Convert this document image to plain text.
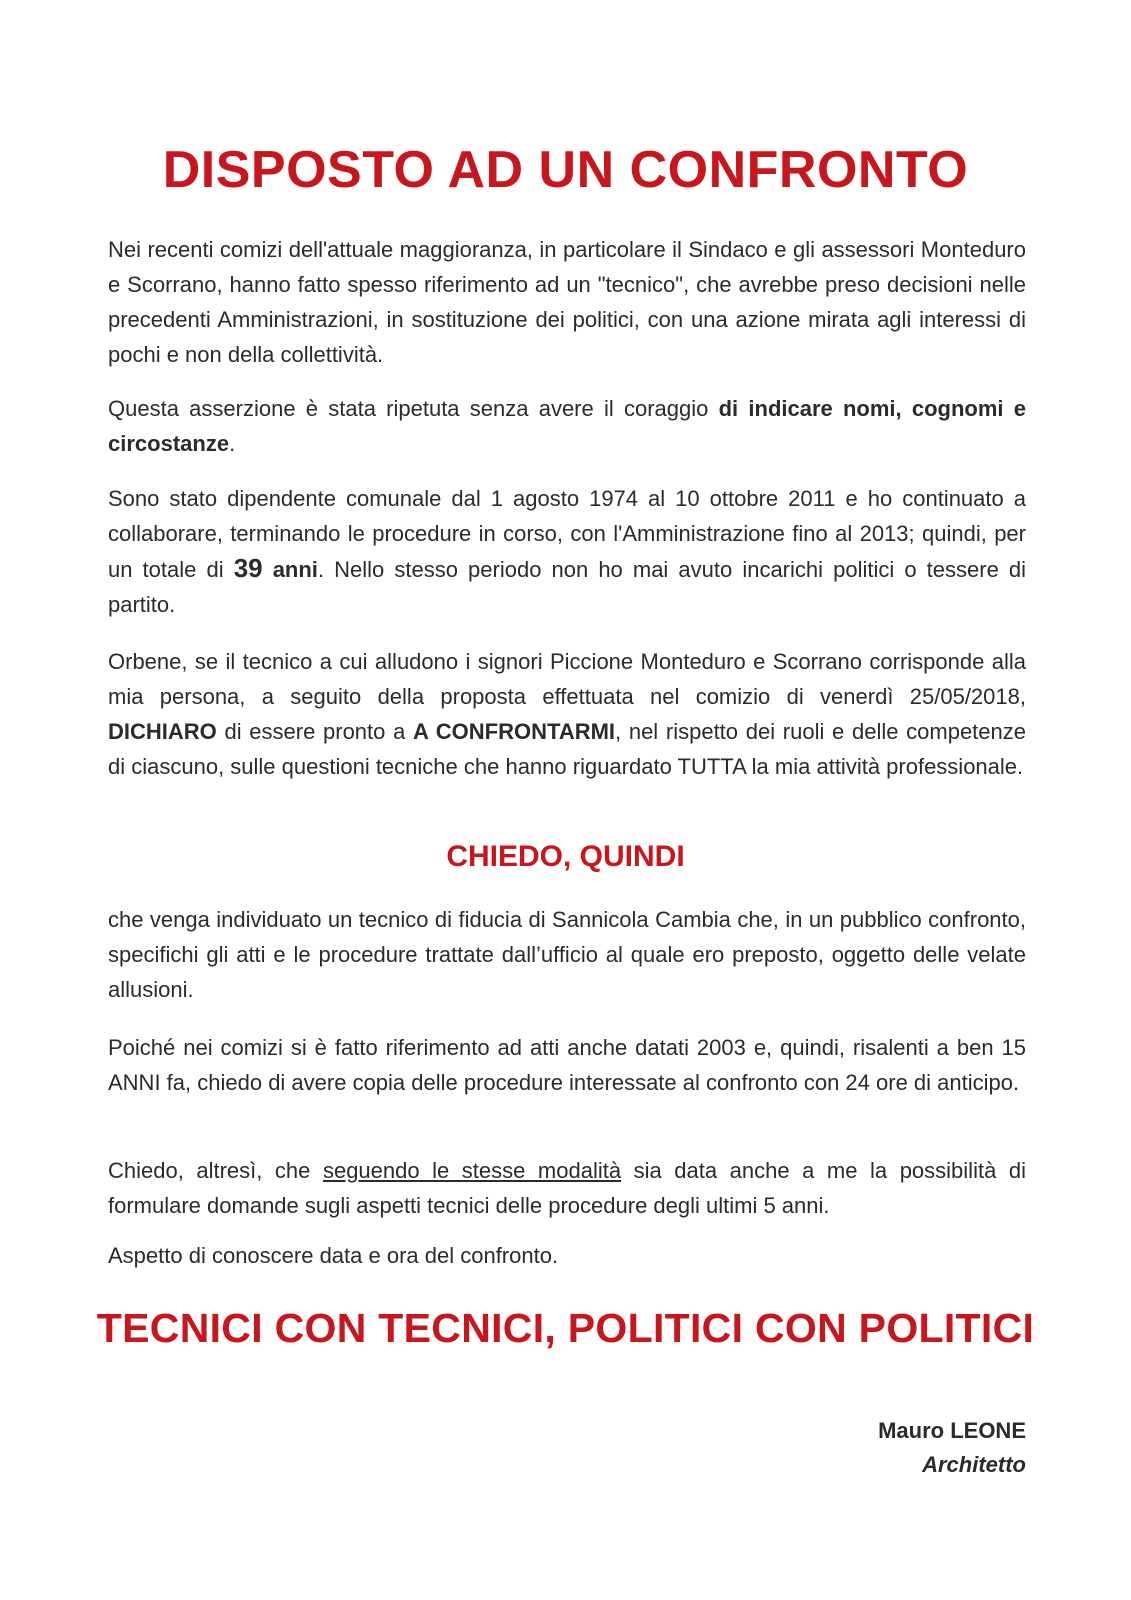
DISPOSTO AD UN CONFRONTO

Nei recenti comizi dell'attuale maggioranza, in particolare il Sindaco e gli assessori Monteduro e Scorrano, hanno fatto spesso riferimento ad un "tecnico", che avrebbe preso decisioni nelle precedenti Amministrazioni, in sostituzione dei politici, con una azione mirata agli interessi di pochi e non della collettività.

Questa asserzione è stata ripetuta senza avere il coraggio di indicare nomi, cognomi e circostanze.

Sono stato dipendente comunale dal 1 agosto 1974 al 10 ottobre 2011 e ho continuato a collaborare, terminando le procedure in corso, con l'Amministrazione fino al 2013; quindi, per un totale di 39 anni. Nello stesso periodo non ho mai avuto incarichi politici o tessere di partito.

Orbene, se il tecnico a cui alludono i signori Piccione Monteduro e Scorrano corrisponde alla mia persona, a seguito della proposta effettuata nel comizio di venerdì 25/05/2018, DICHIARO di essere pronto a A CONFRONTARMI, nel rispetto dei ruoli e delle competenze di ciascuno, sulle questioni tecniche che hanno riguardato TUTTA la mia attività professionale.

CHIEDO, QUINDI

che venga individuato un tecnico di fiducia di Sannicola Cambia che, in un pubblico confronto, specifichi gli atti e le procedure trattate dall’ufficio al quale ero preposto, oggetto delle velate allusioni.

Poiché nei comizi si è fatto riferimento ad atti anche datati 2003 e, quindi, risalenti a ben 15 ANNI fa, chiedo di avere copia delle procedure interessate al confronto con 24 ore di anticipo.

Chiedo, altresì, che seguendo le stesse modalità sia data anche a me la possibilità di formulare domande sugli aspetti tecnici delle procedure degli ultimi 5 anni.

Aspetto di conoscere data e ora del confronto.

TECNICI CON TECNICI, POLITICI CON POLITICI
Mauro LEONE
Architetto
